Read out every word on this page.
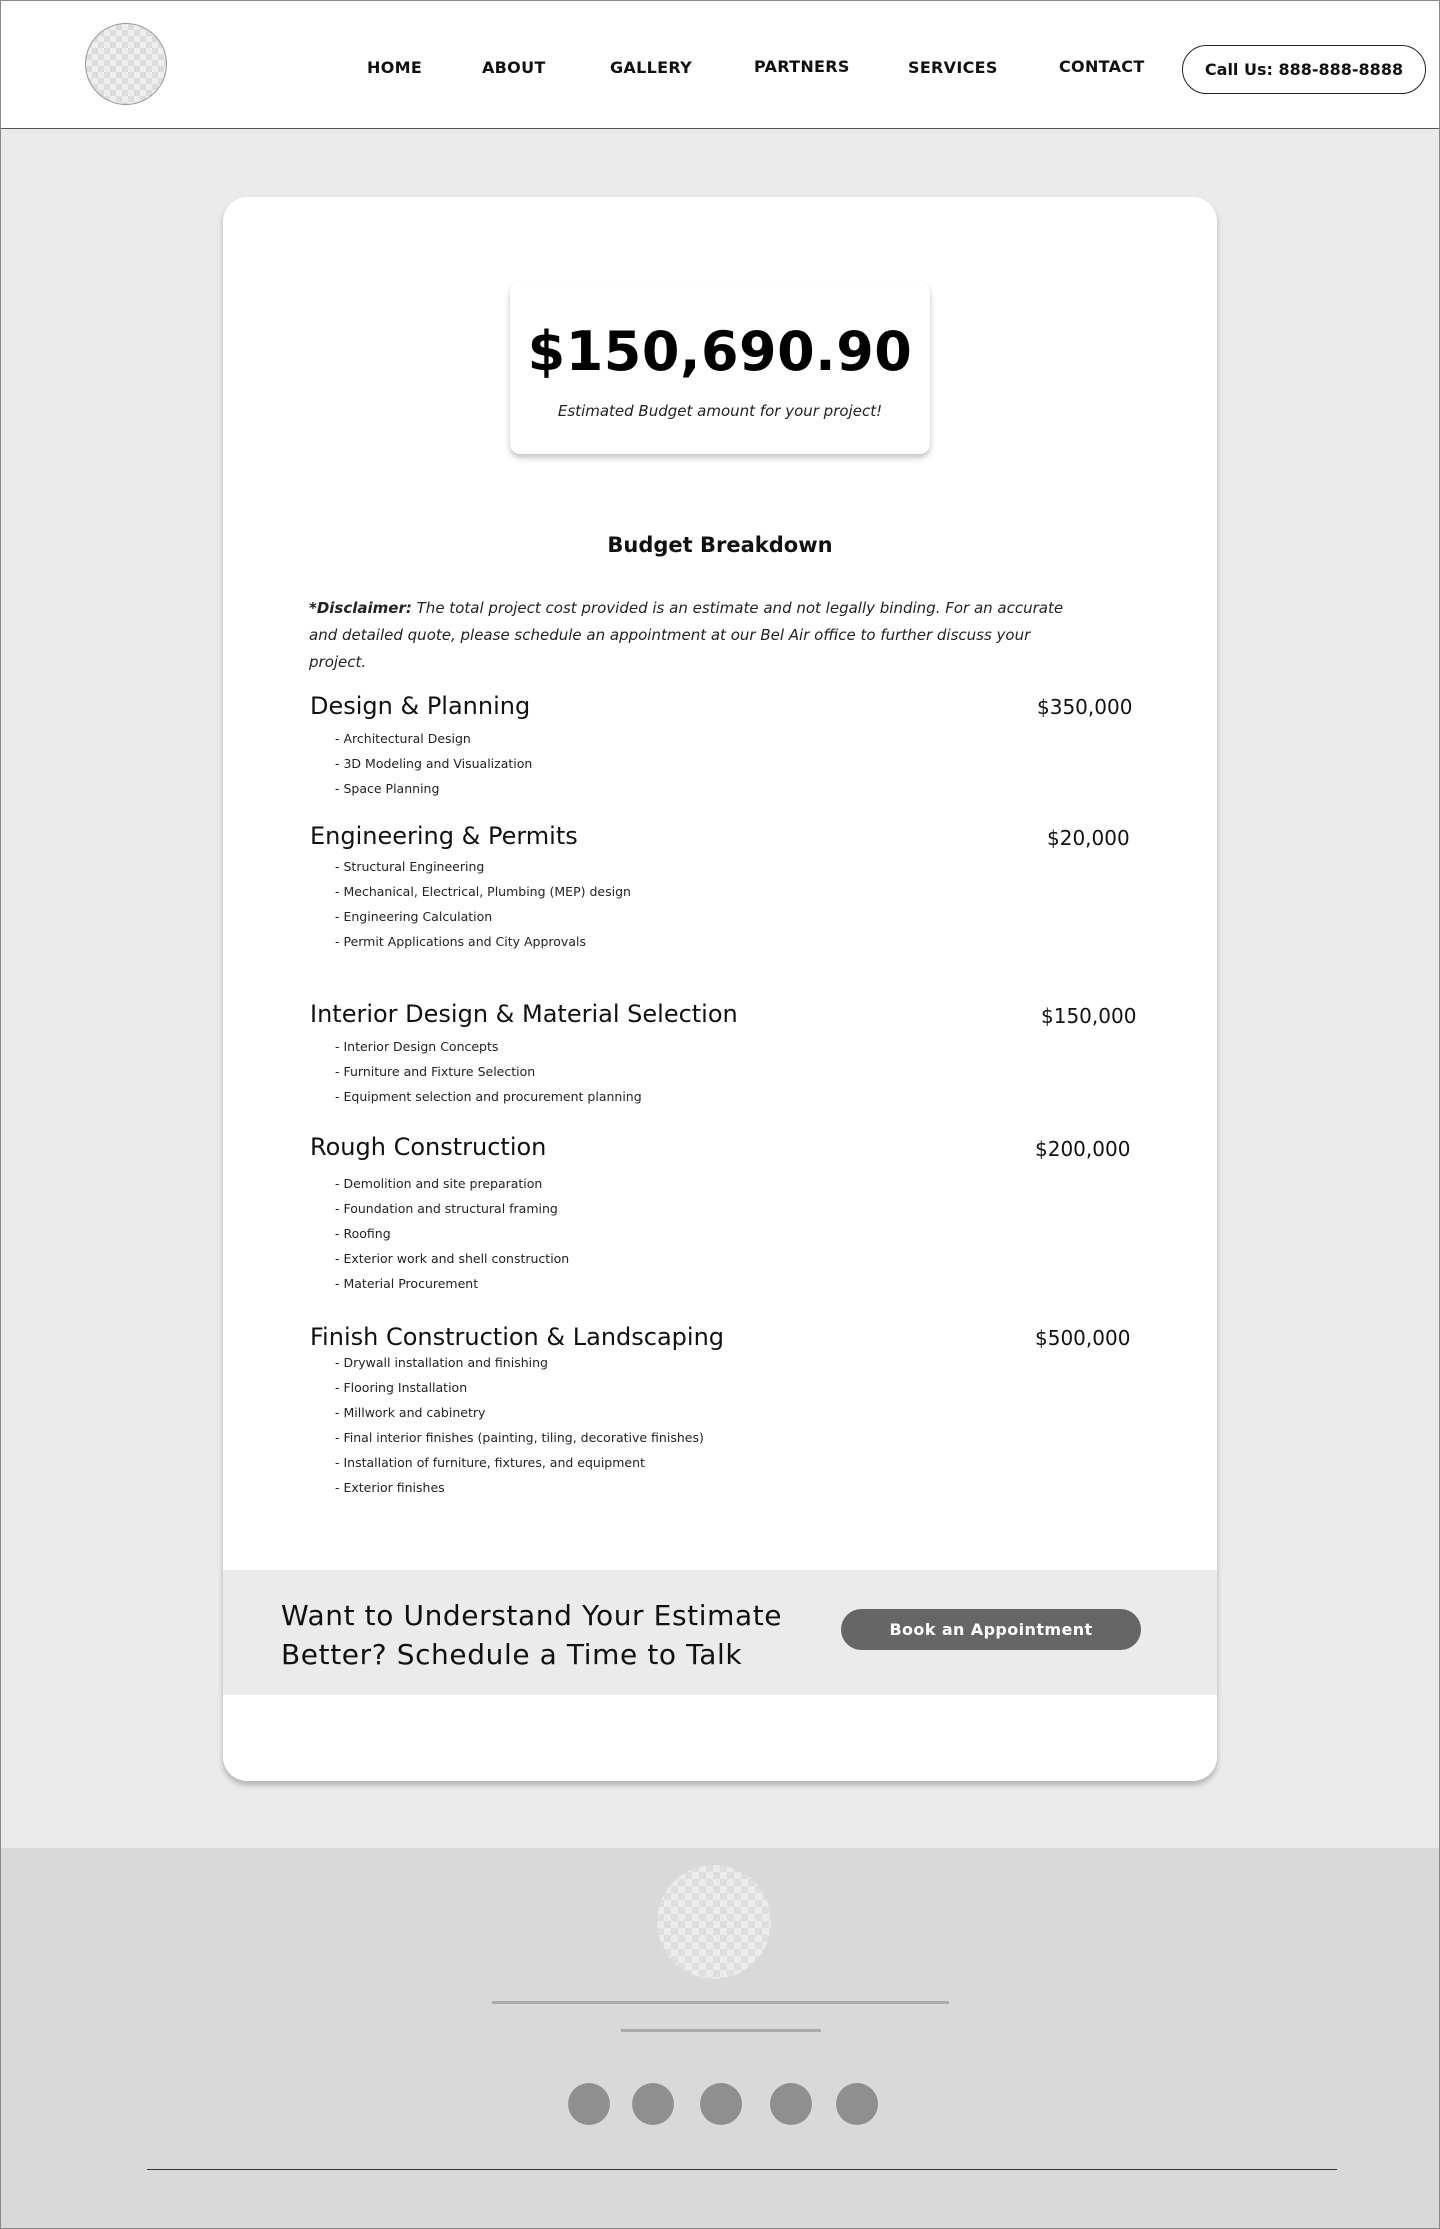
HOME	ABOUT	GALLERY	PARTNERS	SERVICES	CONTACT	Call Us: 888-888-8888
$150,690.90
Estimated Budget amount for your project!
Budget Breakdown
*Disclaimer: The total project cost provided is an estimate and not legally binding. For an accurate and detailed quote, please schedule an appointment at our Bel Air office to further discuss your project.
Design & Planning	$350,000
- Architectural Design
- 3D Modeling and Visualization
- Space Planning
Engineering & Permits	$20,000
- Structural Engineering
- Mechanical, Electrical, Plumbing (MEP) design
- Engineering Calculation
- Permit Applications and City Approvals
Interior Design & Material Selection	$150,000
- Interior Design Concepts
- Furniture and Fixture Selection
- Equipment selection and procurement planning
Rough Construction	$200,000
- Demolition and site preparation
- Foundation and structural framing
- Roofing
- Exterior work and shell construction
- Material Procurement
Finish Construction & Landscaping	$500,000
- Drywall installation and finishing
- Flooring Installation
- Millwork and cabinetry
- Final interior finishes (painting, tiling, decorative finishes)
- Installation of furniture, fixtures, and equipment
- Exterior finishes
Want to Understand Your Estimate Better? Schedule a Time to Talk
Book an Appointment
